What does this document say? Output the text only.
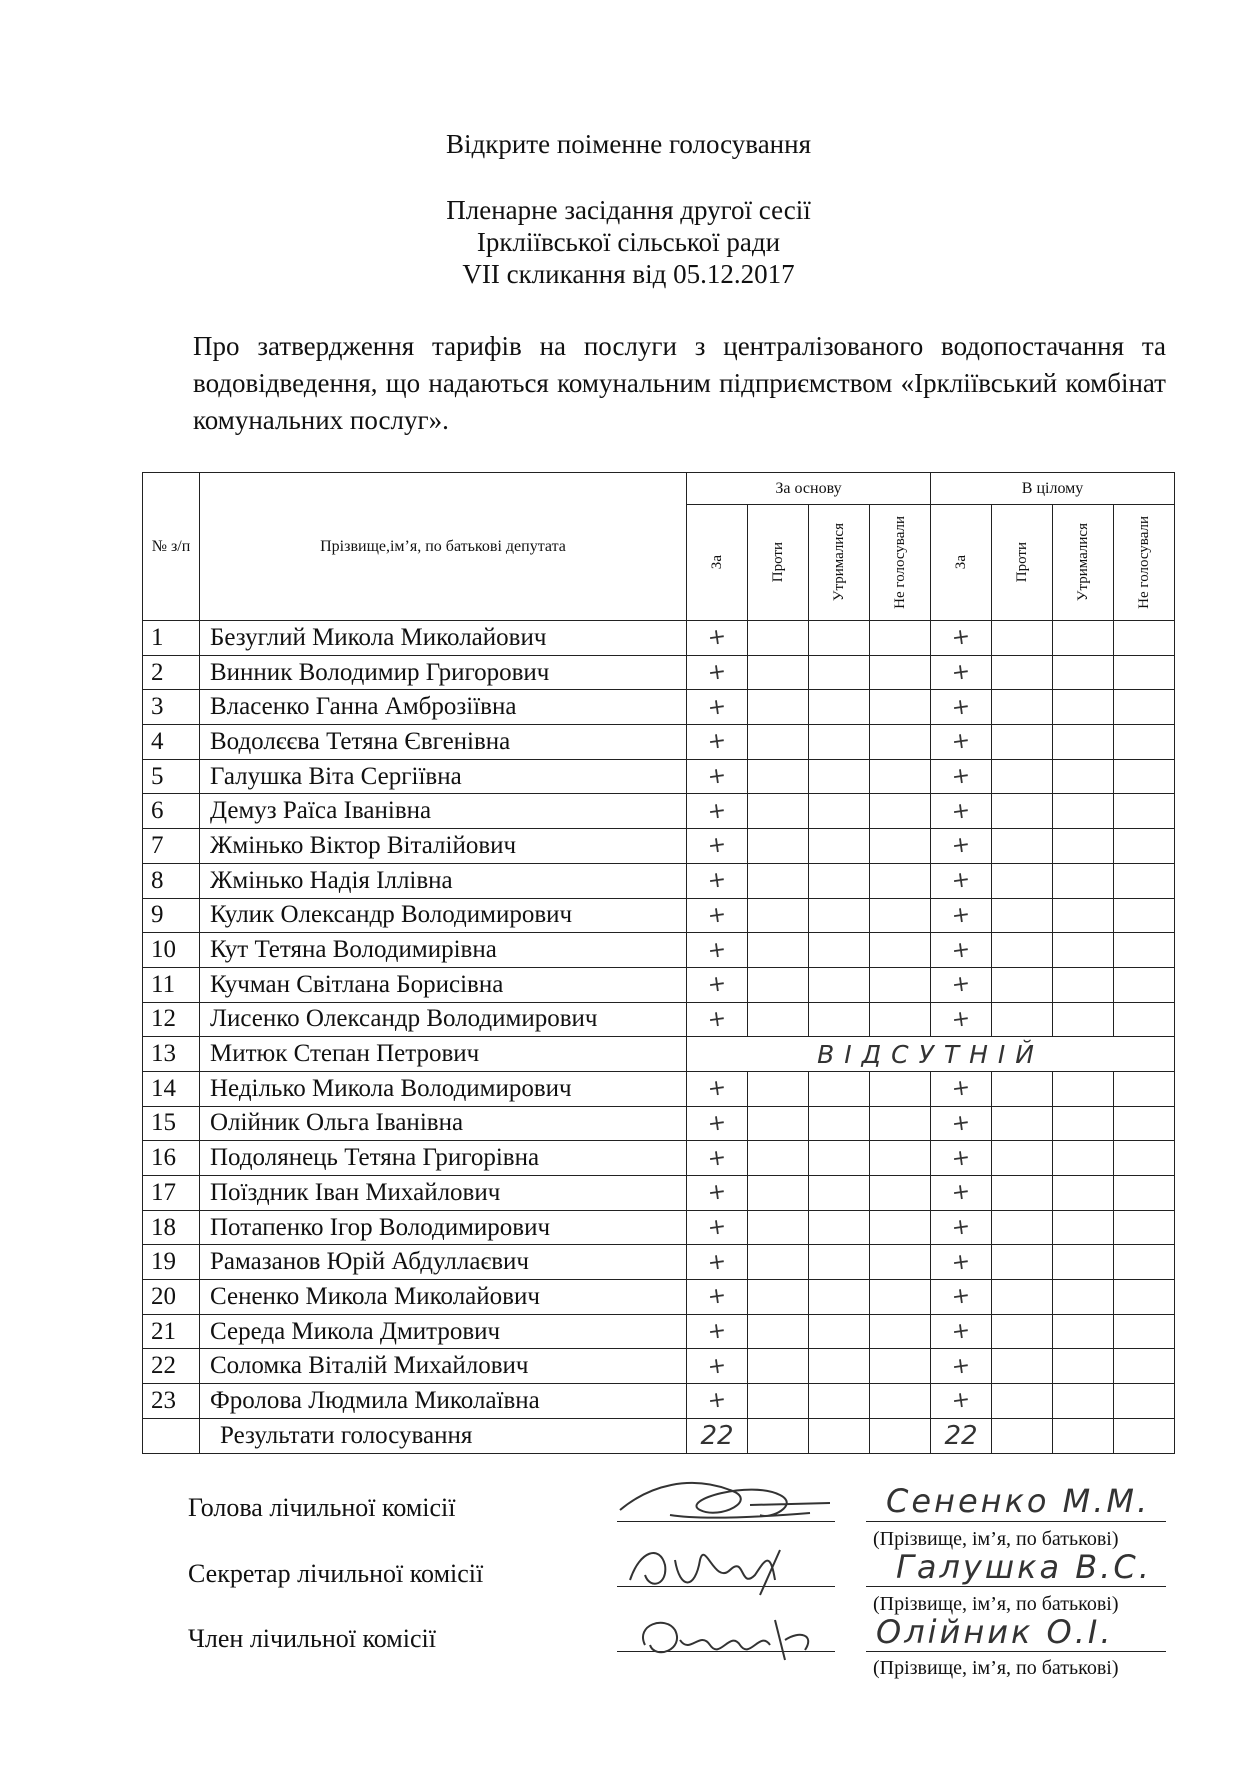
Відкрите поіменне голосування
Пленарне засідання другої сесії
Ірклiївської сільської ради
VII скликання від 05.12.2017
Про затвердження тарифів на послуги з централізованого водопостачання та водовідведення, що надаються комунальним підприємством «Ірклiївський комбінат комунальних послуг».
№ з/п	Прізвище,ім’я, по батькові депутата	За основу				В цілому			

		За	Проти	Утрималися	Не голосували	За	Проти	Утрималися	Не голосували

1	Безуглий Микола Миколайович	+				+			

2	Винник Володимир Григорович	+				+			

3	Власенко Ганна Амброзіївна	+				+			

4	Водолєєва Тетяна Євгенівна	+				+			

5	Галушка Віта Сергіївна	+				+			

6	Демуз Раїса Іванівна	+				+			

7	Жмінько Віктор Віталійович	+				+			

8	Жмінько Надія Іллівна	+				+			

9	Кулик Олександр Володимирович	+				+			

10	Кут Тетяна Володимирівна	+				+			

11	Кучман Світлана Борисівна	+				+			

12	Лисенко Олександр Володимирович	+				+			

13	Митюк Степан Петрович	ВІДСУТНІЙ							
14	Неділько Микола Володимирович	+				+			

15	Олійник Ольга Іванівна	+				+			

16	Подолянець Тетяна Григорівна	+				+			

17	Поїздник Іван Михайлович	+				+			

18	Потапенко Ігор Володимирович	+				+			

19	Рамазанов Юрій Абдуллаєвич	+				+			

20	Сененко Микола Миколайович	+				+			

21	Середа Микола Дмитрович	+				+			

22	Соломка Віталій Михайлович	+				+			

23	Фролова Людмила Миколаївна	+				+			

	Результати голосування	22				22			
Голова лічильної комісії
Секретар лічильної комісії
Член лічильної комісії
(Прізвище, ім’я, по батькові)
(Прізвище, ім’я, по батькові)
(Прізвище, ім’я, по батькові)
Сененко М.М.
Галушка В.С.
Олійник О.І.
